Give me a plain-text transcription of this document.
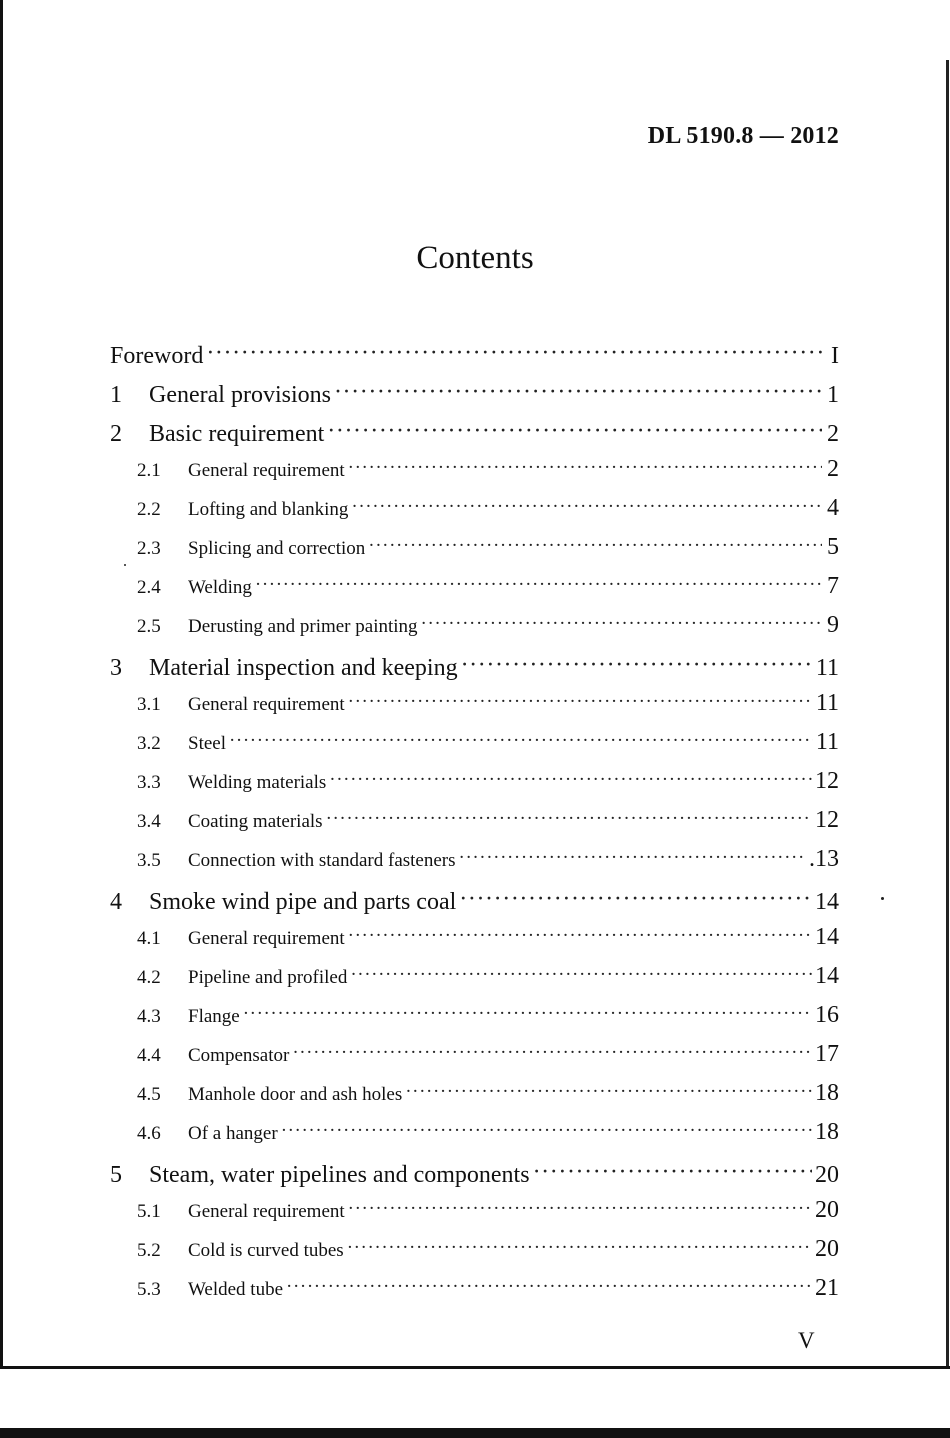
DL 5190.8 — 2012
Contents
Foreword ·····	I
1	General provisions ·····	1
2	Basic requirement ·····	2
2.1	General requirement ·····	2
2.2	Lofting and blanking ·····	4
2.3	Splicing and correction ·····	5
2.4	Welding ·····	7
2.5	Derusting and primer painting ·····	9
3	Material inspection and keeping ·····	11
3.1	General requirement ·····	11
3.2	Steel ·····	11
3.3	Welding materials ·····	12
3.4	Coating materials ·····	12
3.5	Connection with standard fasteners ·····	.13
4	Smoke wind pipe and parts coal ·····	14
4.1	General requirement ·····	14
4.2	Pipeline and profiled ·····	14
4.3	Flange ·····	16
4.4	Compensator ·····	17
4.5	Manhole door and ash holes ·····	18
4.6	Of a hanger ·····	18
5	Steam, water pipelines and components ·····	20
5.1	General requirement ·····	20
5.2	Cold is curved tubes ·····	20
5.3	Welded tube ·····	21
V
